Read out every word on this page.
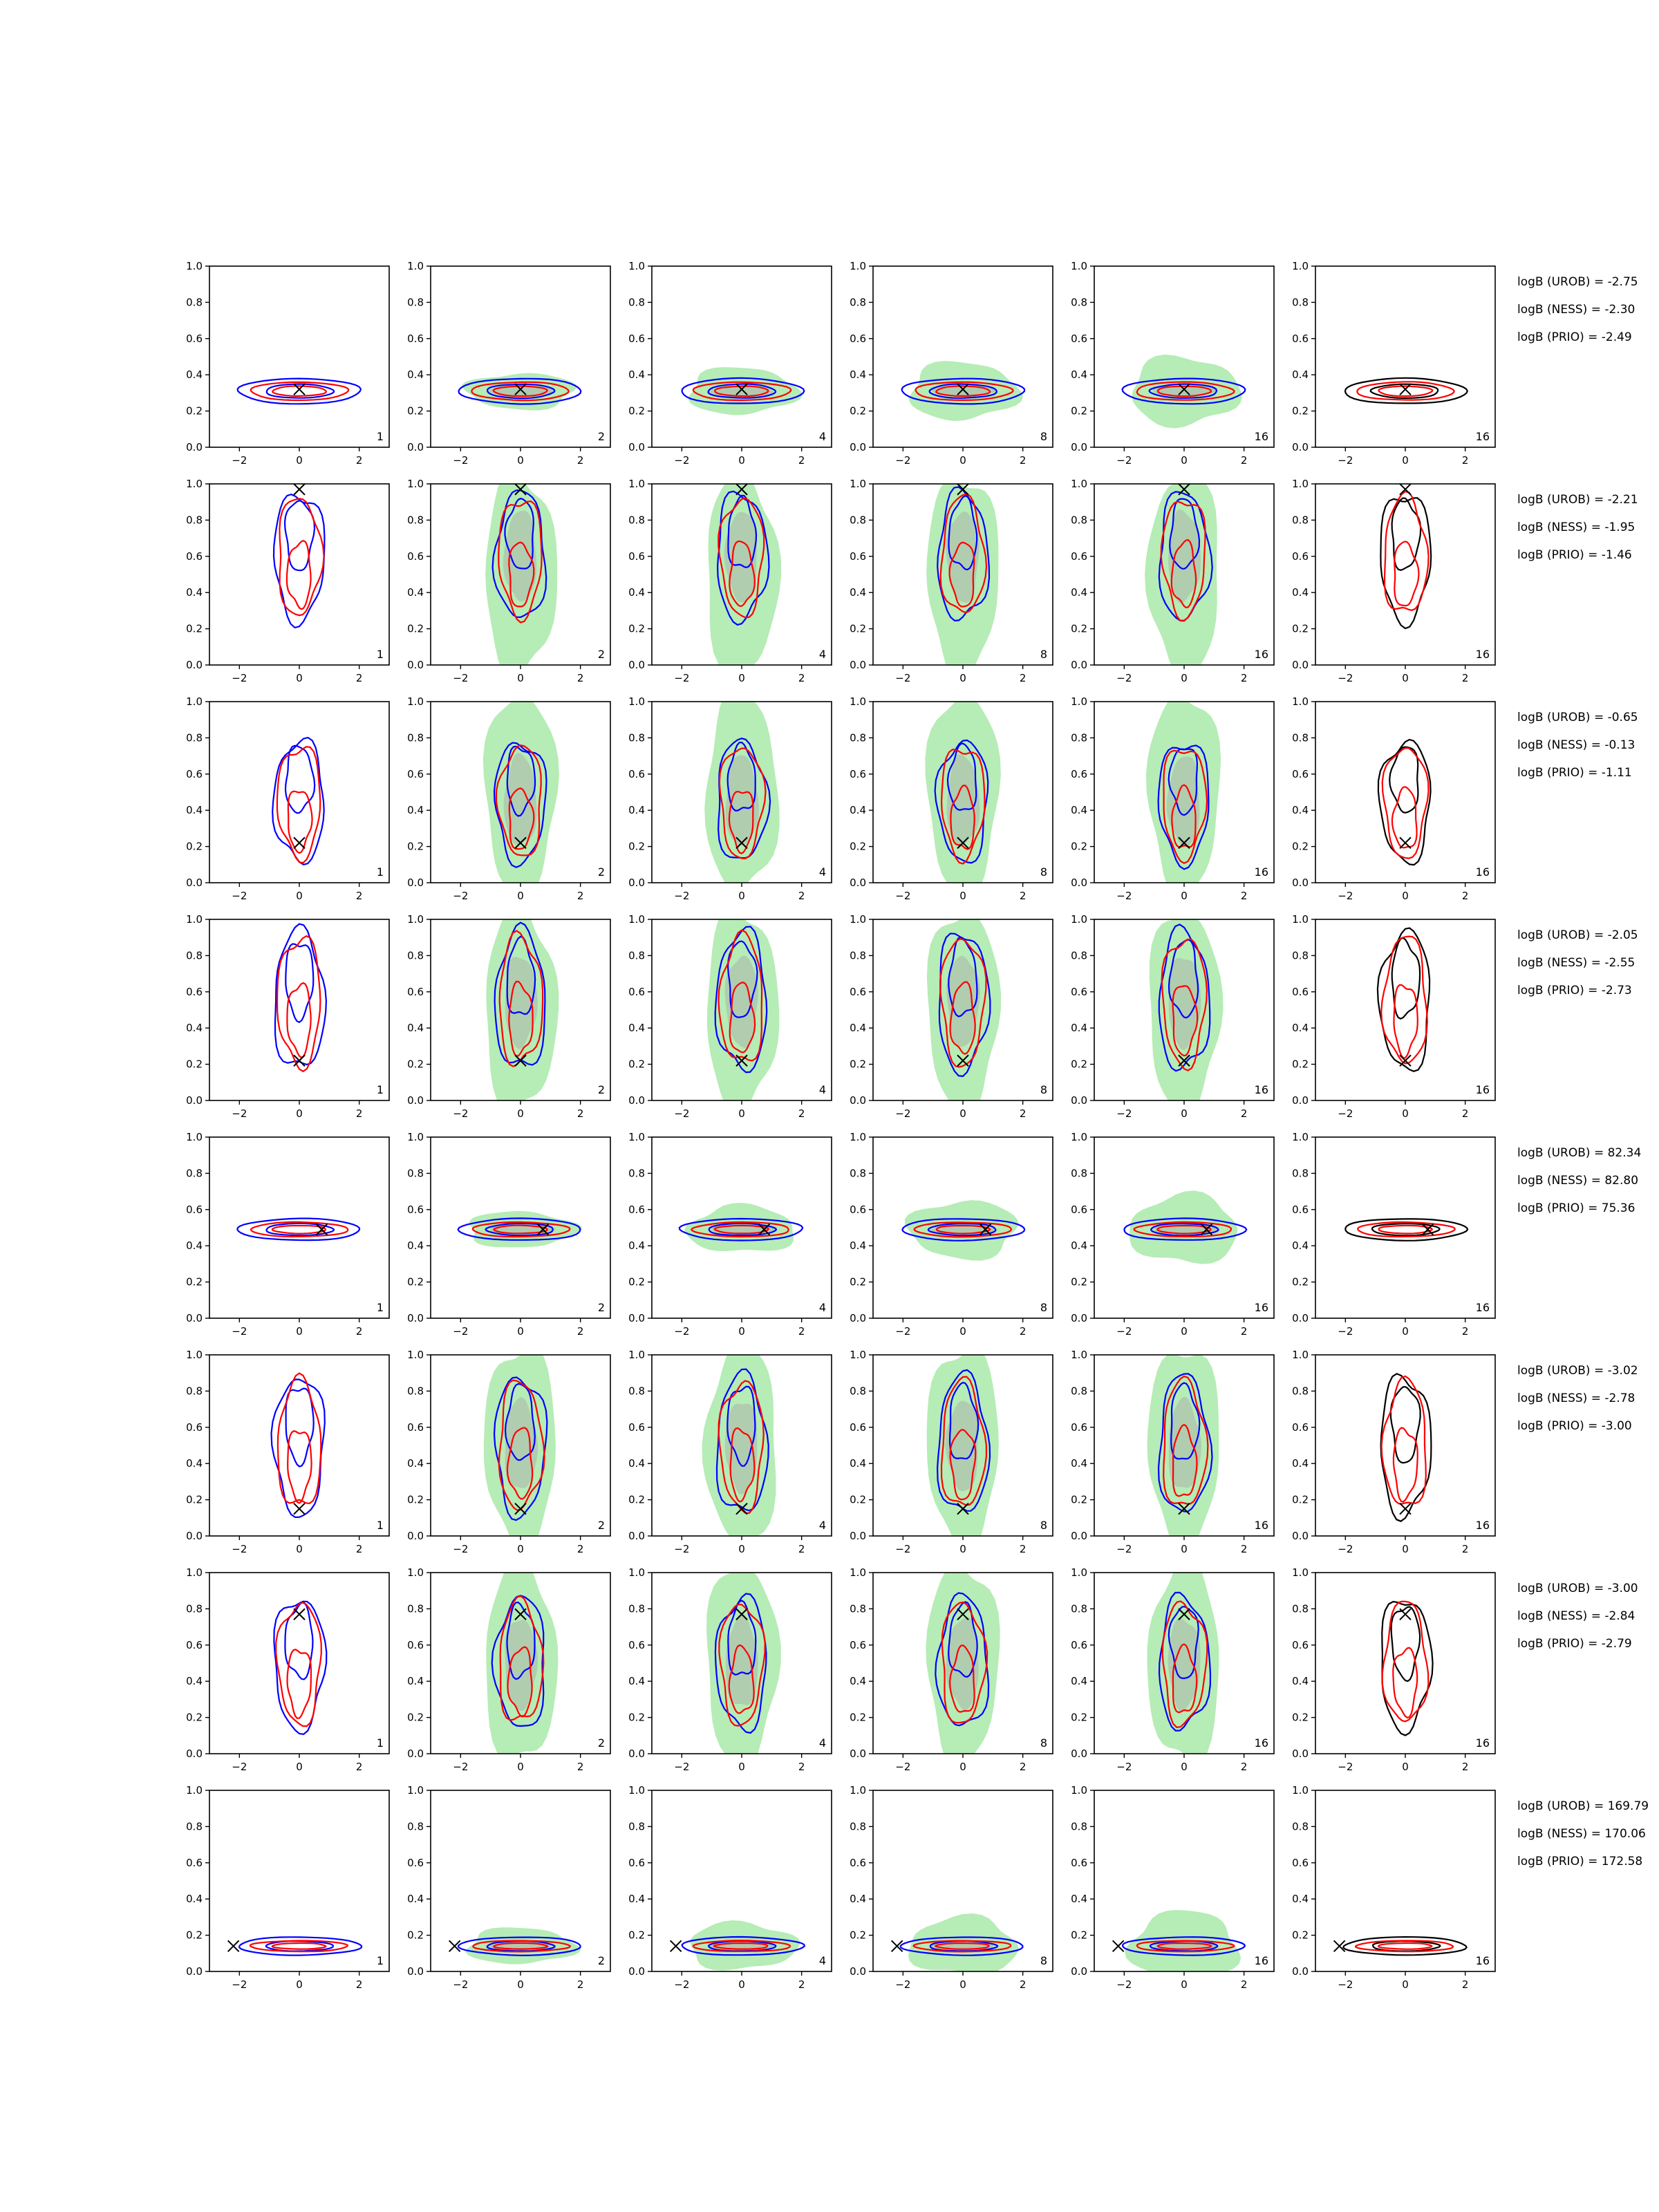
0.0
0.2
0.4
0.6
0.8
1.0
−2	0	2
1
0.0
0.2
0.4
0.6
0.8
1.0
−2	0	2
2
0.0
0.2
0.4
0.6
0.8
1.0
−2	0	2
4
0.0
0.2
0.4
0.6
0.8
1.0
−2	0	2
8
0.0
0.2
0.4
0.6
0.8
1.0
−2	0	2
16
0.0
0.2
0.4
0.6
0.8
1.0
−2	0	2
16
0.0
0.2
0.4
0.6
0.8
1.0
−2	0	2
1
0.0
0.2
0.4
0.6
0.8
1.0
−2	0	2
2
0.0
0.2
0.4
0.6
0.8
1.0
−2	0	2
4
0.0
0.2
0.4
0.6
0.8
1.0
−2	0	2
8
0.0
0.2
0.4
0.6
0.8
1.0
−2	0	2
16
0.0
0.2
0.4
0.6
0.8
1.0
−2	0	2
16
0.0
0.2
0.4
0.6
0.8
1.0
−2	0	2
1
0.0
0.2
0.4
0.6
0.8
1.0
−2	0	2
2
0.0
0.2
0.4
0.6
0.8
1.0
−2	0	2
4
0.0
0.2
0.4
0.6
0.8
1.0
−2	0	2
8
0.0
0.2
0.4
0.6
0.8
1.0
−2	0	2
16
0.0
0.2
0.4
0.6
0.8
1.0
−2	0	2
16
0.0
0.2
0.4
0.6
0.8
1.0
−2	0	2
1
0.0
0.2
0.4
0.6
0.8
1.0
−2	0	2
2
0.0
0.2
0.4
0.6
0.8
1.0
−2	0	2
4
0.0
0.2
0.4
0.6
0.8
1.0
−2	0	2
8
0.0
0.2
0.4
0.6
0.8
1.0
−2	0	2
16
0.0
0.2
0.4
0.6
0.8
1.0
−2	0	2
16
0.0
0.2
0.4
0.6
0.8
1.0
−2	0	2
1
0.0
0.2
0.4
0.6
0.8
1.0
−2	0	2
2
0.0
0.2
0.4
0.6
0.8
1.0
−2	0	2
4
0.0
0.2
0.4
0.6
0.8
1.0
−2	0	2
8
0.0
0.2
0.4
0.6
0.8
1.0
−2	0	2
16
0.0
0.2
0.4
0.6
0.8
1.0
−2	0	2
16
0.0
0.2
0.4
0.6
0.8
1.0
−2	0	2
1
0.0
0.2
0.4
0.6
0.8
1.0
−2	0	2
2
0.0
0.2
0.4
0.6
0.8
1.0
−2	0	2
4
0.0
0.2
0.4
0.6
0.8
1.0
−2	0	2
8
0.0
0.2
0.4
0.6
0.8
1.0
−2	0	2
16
0.0
0.2
0.4
0.6
0.8
1.0
−2	0	2
16
0.0
0.2
0.4
0.6
0.8
1.0
−2	0	2
1
0.0
0.2
0.4
0.6
0.8
1.0
−2	0	2
2
0.0
0.2
0.4
0.6
0.8
1.0
−2	0	2
4
0.0
0.2
0.4
0.6
0.8
1.0
−2	0	2
8
0.0
0.2
0.4
0.6
0.8
1.0
−2	0	2
16
0.0
0.2
0.4
0.6
0.8
1.0
−2	0	2
16
0.0
0.2
0.4
0.6
0.8
1.0
−2	0	2
1
0.0
0.2
0.4
0.6
0.8
1.0
−2	0	2
2
0.0
0.2
0.4
0.6
0.8
1.0
−2	0	2
4
0.0
0.2
0.4
0.6
0.8
1.0
−2	0	2
8
0.0
0.2
0.4
0.6
0.8
1.0
−2	0	2
16
0.0
0.2
0.4
0.6
0.8
1.0
−2	0	2
16
logB (UROB) = -2.75
logB (NESS) = -2.30
logB (PRIO) = -2.49
logB (UROB) = -2.21
logB (NESS) = -1.95
logB (PRIO) = -1.46
logB (UROB) = -0.65
logB (NESS) = -0.13
logB (PRIO) = -1.11
logB (UROB) = -2.05
logB (NESS) = -2.55
logB (PRIO) = -2.73
logB (UROB) = 82.34
logB (NESS) = 82.80
logB (PRIO) = 75.36
logB (UROB) = -3.02
logB (NESS) = -2.78
logB (PRIO) = -3.00
logB (UROB) = -3.00
logB (NESS) = -2.84
logB (PRIO) = -2.79
logB (UROB) = 169.79
logB (NESS) = 170.06
logB (PRIO) = 172.58
